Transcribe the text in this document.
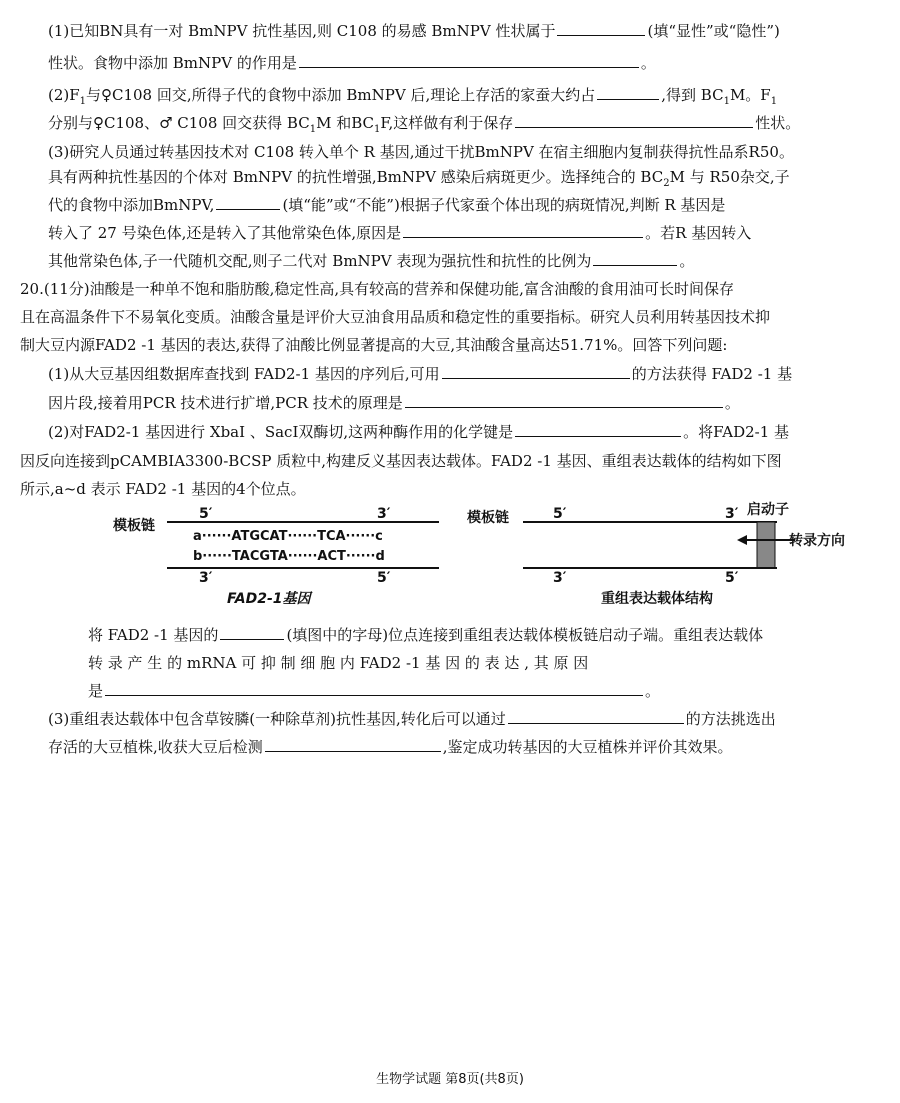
(1)已知BN具有一对 BmNPV 抗性基因,则 C108 的易感 BmNPV 性状属于	(填“显性”或“隐性”)
性状。食物中添加 BmNPV 的作用是	。
$(2)F_1$与♀C108 回交,所得子代的食物中添加 BmNPV 后,理论上存活的家蚕大约占	,得到 $BC_1M$。$F_1$
分别与♀C108、♂ C108 回交获得 $BC_1M$ 和$BC_1F$,这样做有利于保存	性状。
(3)研究人员通过转基因技术对 C108 转入单个 R 基因,通过干扰BmNPV 在宿主细胞内复制获得抗性品系R50。
具有两种抗性基因的个体对 BmNPV 的抗性增强,BmNPV 感染后病斑更少。选择纯合的 $BC_2M$ 与 R50杂交,子
代的食物中添加BmNPV,	(填“能”或“不能”)根据子代家蚕个体出现的病斑情况,判断 R 基因是
转入了 27 号染色体,还是转入了其他常染色体,原因是	。若R 基因转入
其他常染色体,子一代随机交配,则子二代对 BmNPV 表现为强抗性和抗性的比例为	。
20.(11分)油酸是一种单不饱和脂肪酸,稳定性高,具有较高的营养和保健功能,富含油酸的食用油可长时间保存
且在高温条件下不易氧化变质。油酸含量是评价大豆油食用品质和稳定性的重要指标。研究人员利用转基因技术抑
制大豆内源FAD2 -1 基因的表达,获得了油酸比例显著提高的大豆,其油酸含量高达51.71%。回答下列问题:
(1)从大豆基因组数据库查找到 FAD2-1 基因的序列后,可用	的方法获得 FAD2 -1 基
因片段,接着用PCR 技术进行扩增,PCR 技术的原理是	。
(2)对FAD2-1 基因进行 XbaⅠ 、SacⅠ双酶切,这两种酶作用的化学键是	。将FAD2-1 基
因反向连接到pCAMBIA3300-BCSP 质粒中,构建反义基因表达载体。FAD2 -1 基因、重组表达载体的结构如下图
所示,a~d 表示 FAD2 -1 基因的4个位点。
模板链
5′	3′
a······ATGCAT······TCA······c
b······TACGTA······ACT······d
3′	5′
FAD2-1基因
模板链	5′	3′ 启动子
转录方向
3′	5′
重组表达载体结构
将 FAD2 -1 基因的	(填图中的字母)位点连接到重组表达载体模板链启动子端。重组表达载体
转 录 产 生 的 mRNA 可 抑 制 细 胞 内 FAD2 -1 基 因 的 表 达 , 其 原 因
是	。
(3)重组表达载体中包含草铵膦(一种除草剂)抗性基因,转化后可以通过	的方法挑选出
存活的大豆植株,收获大豆后检测	,鉴定成功转基因的大豆植株并评价其效果。
生物学试题 第8页(共8页)
